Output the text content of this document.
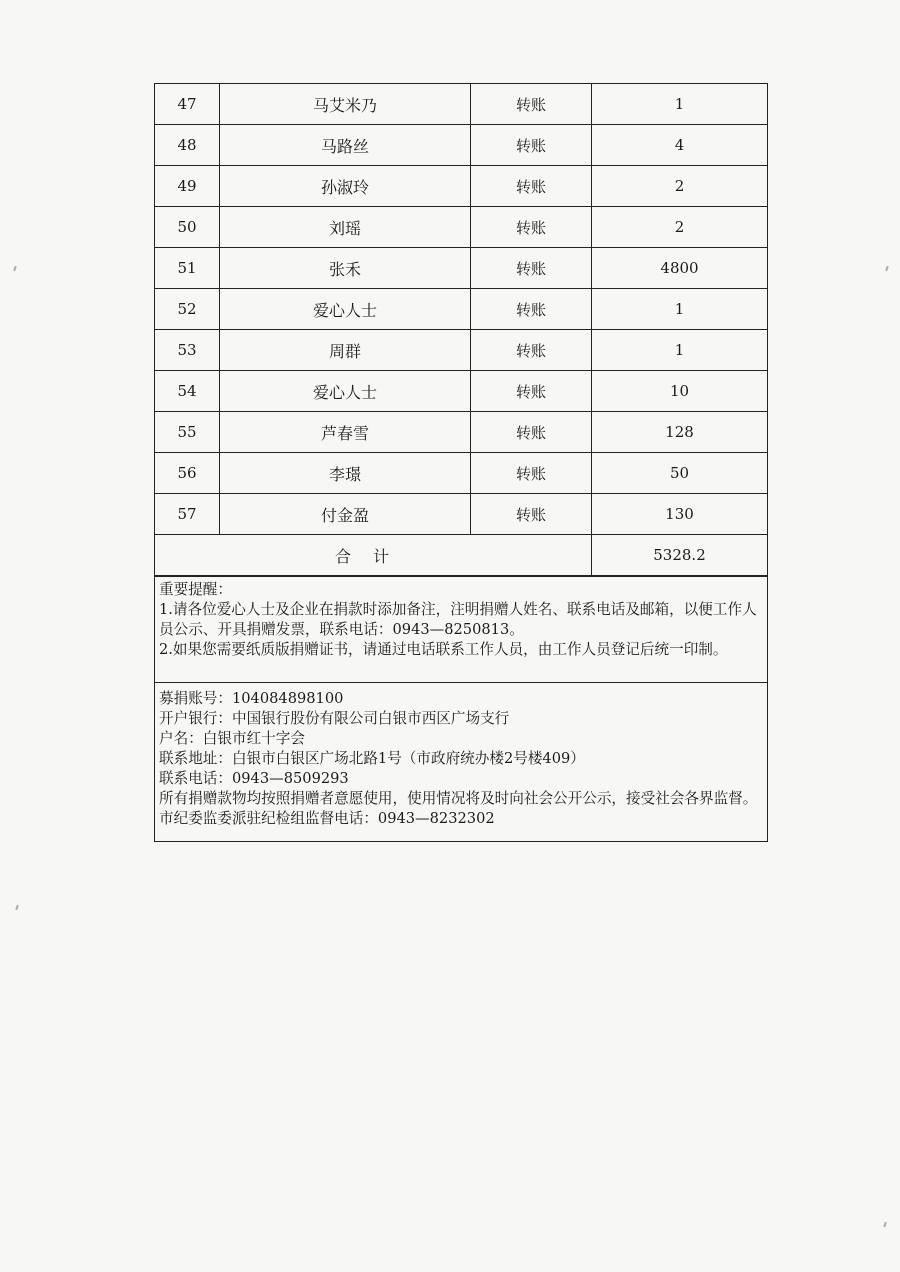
47	马艾米乃	转账	1
48	马路丝	转账	4
49	孙淑玲	转账	2
50	刘瑶	转账	2
51	张禾	转账	4800
52	爱心人士	转账	1
53	周群	转账	1
54	爱心人士	转账	10
55	芦春雪	转账	128
56	李璟	转账	50
57	付金盈	转账	130
合计			5328.2
重要提醒：
1.请各位爱心人士及企业在捐款时添加备注，注明捐赠人姓名、联系电话及邮箱，以便工作人员公示、开具捐赠发票，联系电话：0943—8250813。
2.如果您需要纸质版捐赠证书，请通过电话联系工作人员，由工作人员登记后统一印制。
募捐账号：104084898100
开户银行：中国银行股份有限公司白银市西区广场支行
户名：白银市红十字会
联系地址：白银市白银区广场北路1号（市政府统办楼2号楼409）
联系电话：0943—8509293
所有捐赠款物均按照捐赠者意愿使用，使用情况将及时向社会公开公示，接受社会各界监督。市纪委监委派驻纪检组监督电话：0943—8232302
